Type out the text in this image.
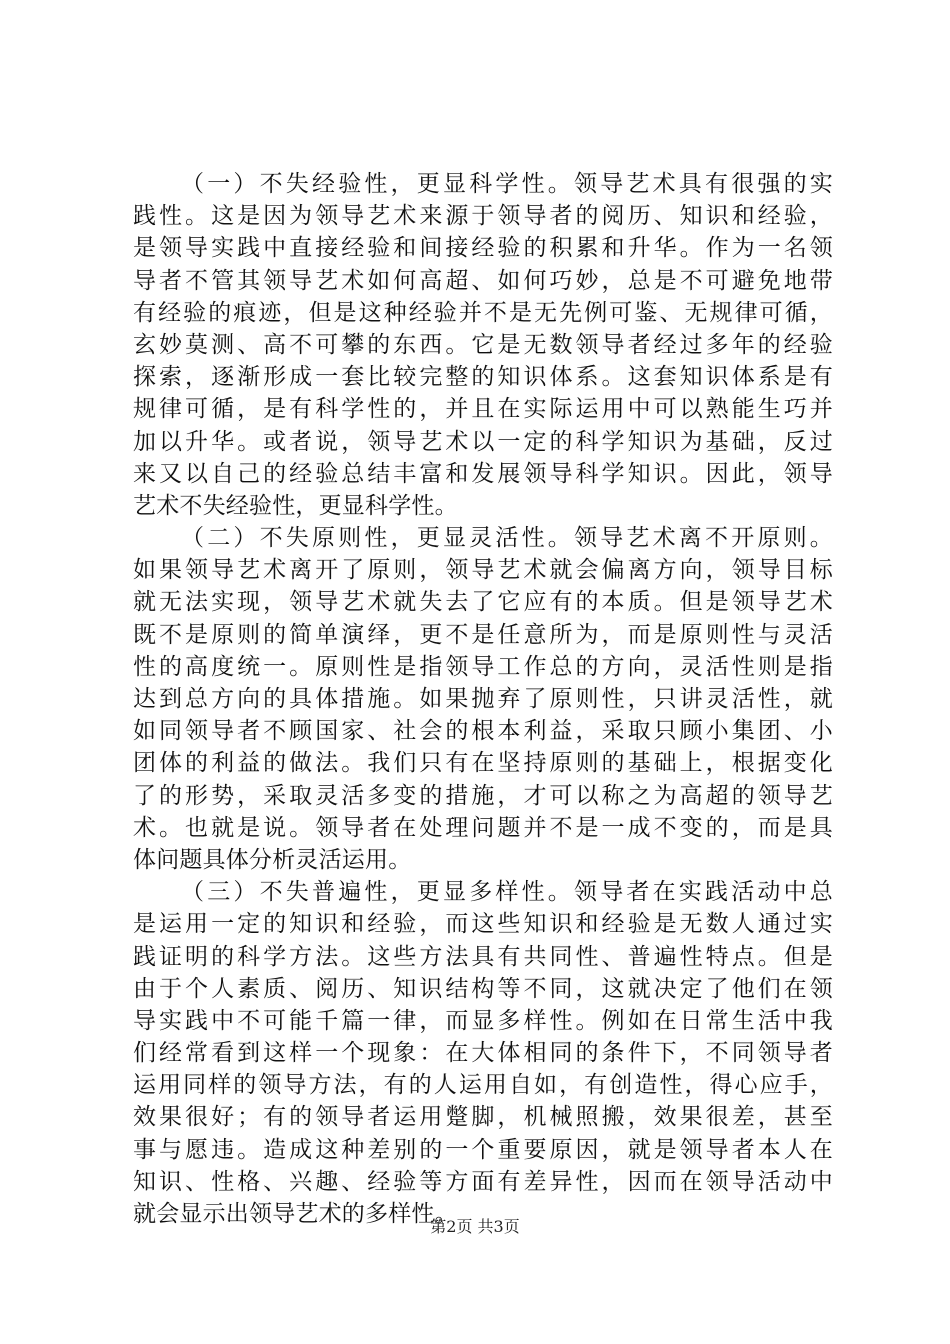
（一）不失经验性，更显科学性。领导艺术具有很强的实
践性。这是因为领导艺术来源于领导者的阅历、知识和经验，
是领导实践中直接经验和间接经验的积累和升华。作为一名领
导者不管其领导艺术如何高超、如何巧妙，总是不可避免地带
有经验的痕迹，但是这种经验并不是无先例可鉴、无规律可循，
玄妙莫测、高不可攀的东西。它是无数领导者经过多年的经验
探索，逐渐形成一套比较完整的知识体系。这套知识体系是有
规律可循，是有科学性的，并且在实际运用中可以熟能生巧并
加以升华。或者说，领导艺术以一定的科学知识为基础，反过
来又以自己的经验总结丰富和发展领导科学知识。因此，领导
艺术不失经验性，更显科学性。
（二）不失原则性，更显灵活性。领导艺术离不开原则。
如果领导艺术离开了原则，领导艺术就会偏离方向，领导目标
就无法实现，领导艺术就失去了它应有的本质。但是领导艺术
既不是原则的简单演绎，更不是任意所为，而是原则性与灵活
性的高度统一。原则性是指领导工作总的方向，灵活性则是指
达到总方向的具体措施。如果抛弃了原则性，只讲灵活性，就
如同领导者不顾国家、社会的根本利益，采取只顾小集团、小
团体的利益的做法。我们只有在坚持原则的基础上，根据变化
了的形势，采取灵活多变的措施，才可以称之为高超的领导艺
术。也就是说。领导者在处理问题并不是一成不变的，而是具
体问题具体分析灵活运用。
（三）不失普遍性，更显多样性。领导者在实践活动中总
是运用一定的知识和经验，而这些知识和经验是无数人通过实
践证明的科学方法。这些方法具有共同性、普遍性特点。但是
由于个人素质、阅历、知识结构等不同，这就决定了他们在领
导实践中不可能千篇一律，而显多样性。例如在日常生活中我
们经常看到这样一个现象：在大体相同的条件下，不同领导者
运用同样的领导方法，有的人运用自如，有创造性，得心应手，
效果很好；有的领导者运用蹩脚，机械照搬，效果很差，甚至
事与愿违。造成这种差别的一个重要原因，就是领导者本人在
知识、性格、兴趣、经验等方面有差异性，因而在领导活动中
就会显示出领导艺术的多样性。
第2页 共3页
